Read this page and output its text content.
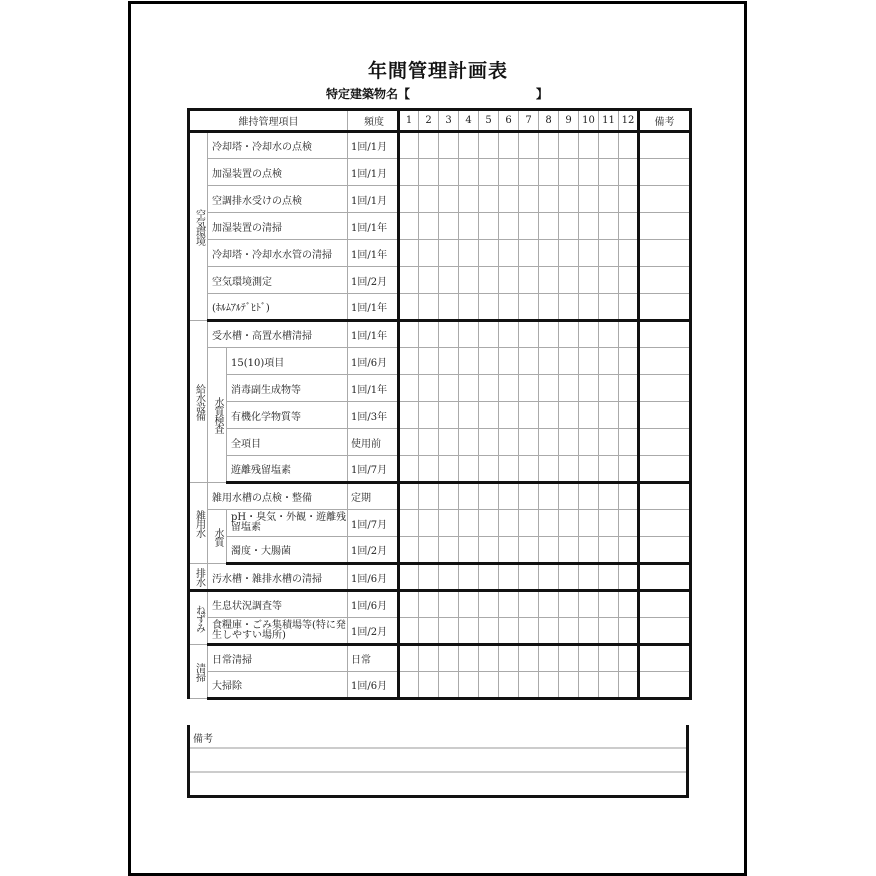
年間管理計画表
特定建築物名【	】
維持管理項目			頻度	1	2	3	4	5	6	7	8	9	10	11	12	備考
空気環境	冷却塔・冷却水の点検		1回/1月													
	加湿装置の点検		1回/1月													
	空調排水受けの点検		1回/1月													
	加湿装置の清掃		1回/1年													
	冷却塔・冷却水水管の清掃		1回/1年													
	空気環境測定		1回/2月													
	(ﾎﾙﾑｱﾙﾃﾞﾋﾄﾞ)		1回/1年													
給水設備	受水槽・高置水槽清掃		1回/1年													
	水質検査	15(10)項目	1回/6月													
		消毒副生成物等	1回/1年													
		有機化学物質等	1回/3年													
		全項目	使用前													
		遊離残留塩素	1回/7月													
雑用水	雑用水槽の点検・整備		定期													
	水質	pH・臭気・外観・遊離残留塩素	1回/7月													
		濁度・大腸菌	1回/2月													
排水	汚水槽・雑排水槽の清掃		1回/6月													
ねずみ	生息状況調査等		1回/6月													
	食糧庫・ごみ集積場等(特に発生しやすい場所)		1回/2月													
清掃	日常清掃		日常													
	大掃除		1回/6月													
備考
